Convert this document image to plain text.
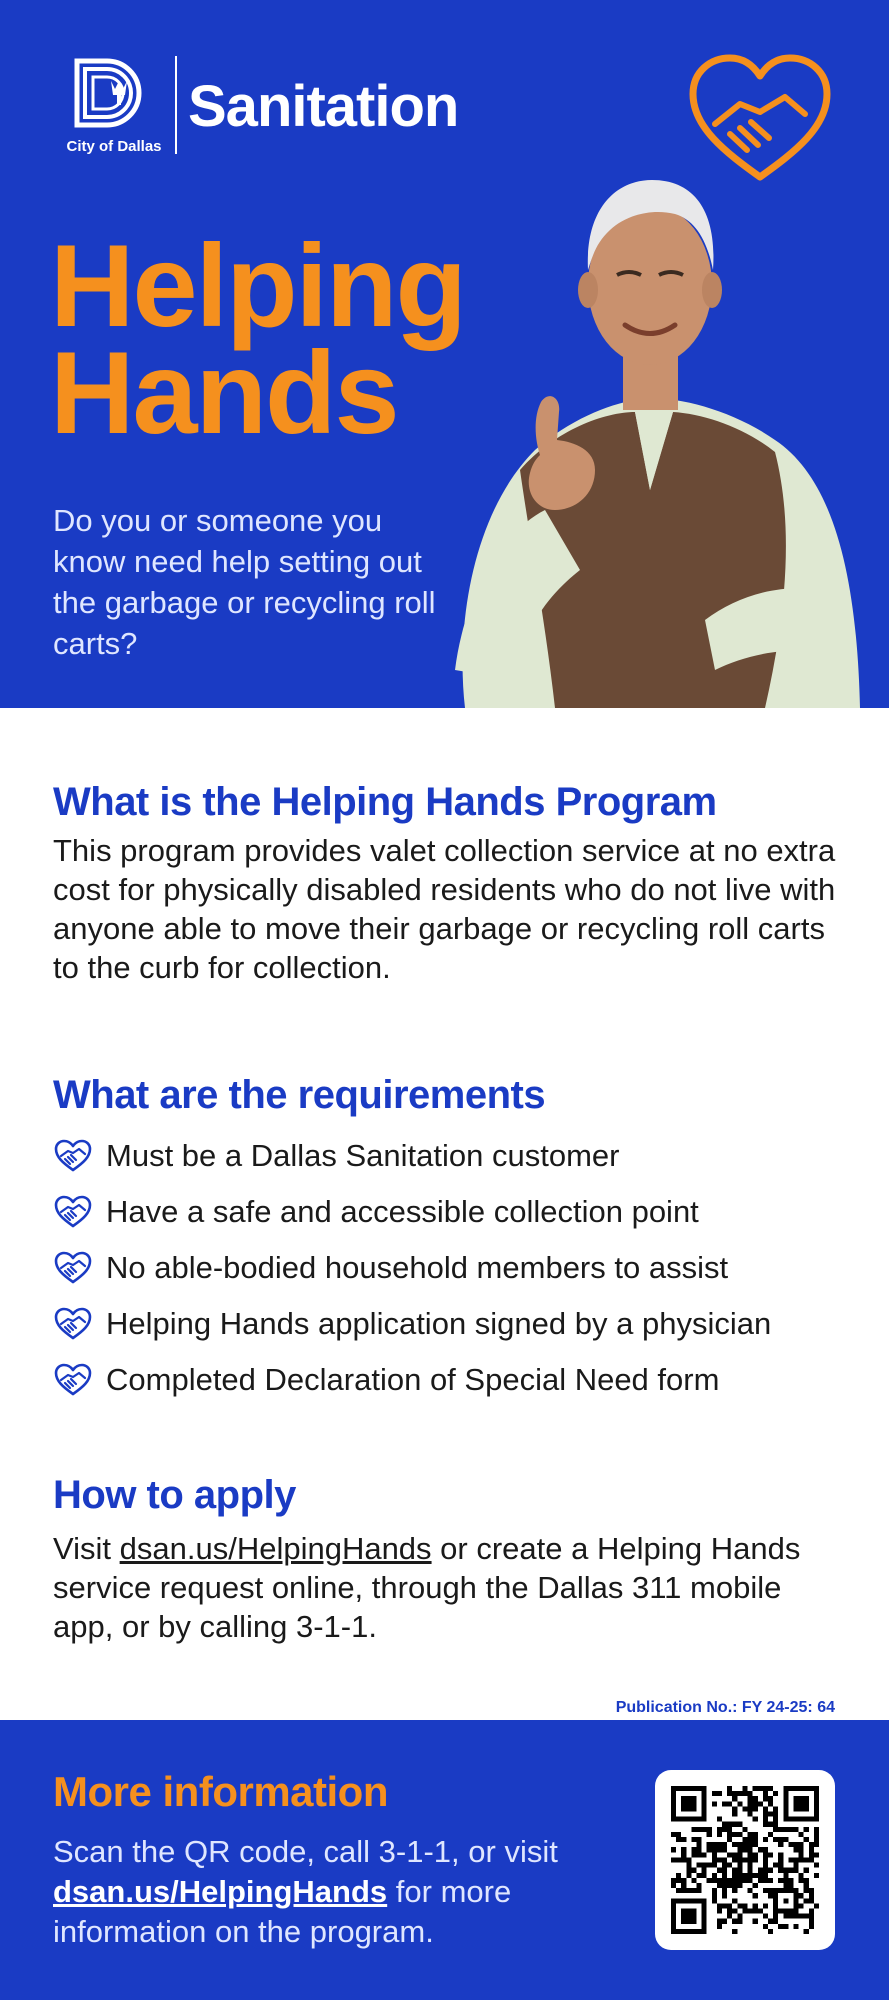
City of Dallas
Sanitation
Helping
Hands

Do you or someone you know need help setting out the garbage or recycling roll carts?

What is the Helping Hands Program

This program provides valet collection service at no extra cost for physically disabled residents who do not live with anyone able to move their garbage or recycling roll carts to the curb for collection.

What are the requirements
Must be a Dallas Sanitation customer
Have a safe and accessible collection point
No able-bodied household members to assist
Helping Hands application signed by a physician
Completed Declaration of Special Need form
How to apply

Visit dsan.us/HelpingHands or create a Helping Hands service request online, through the Dallas 311 mobile app, or by calling 3-1-1.

Publication No.: FY 24-25: 64
More information

Scan the QR code, call 3-1-1, or visit dsan.us/HelpingHands for more information on the program.
